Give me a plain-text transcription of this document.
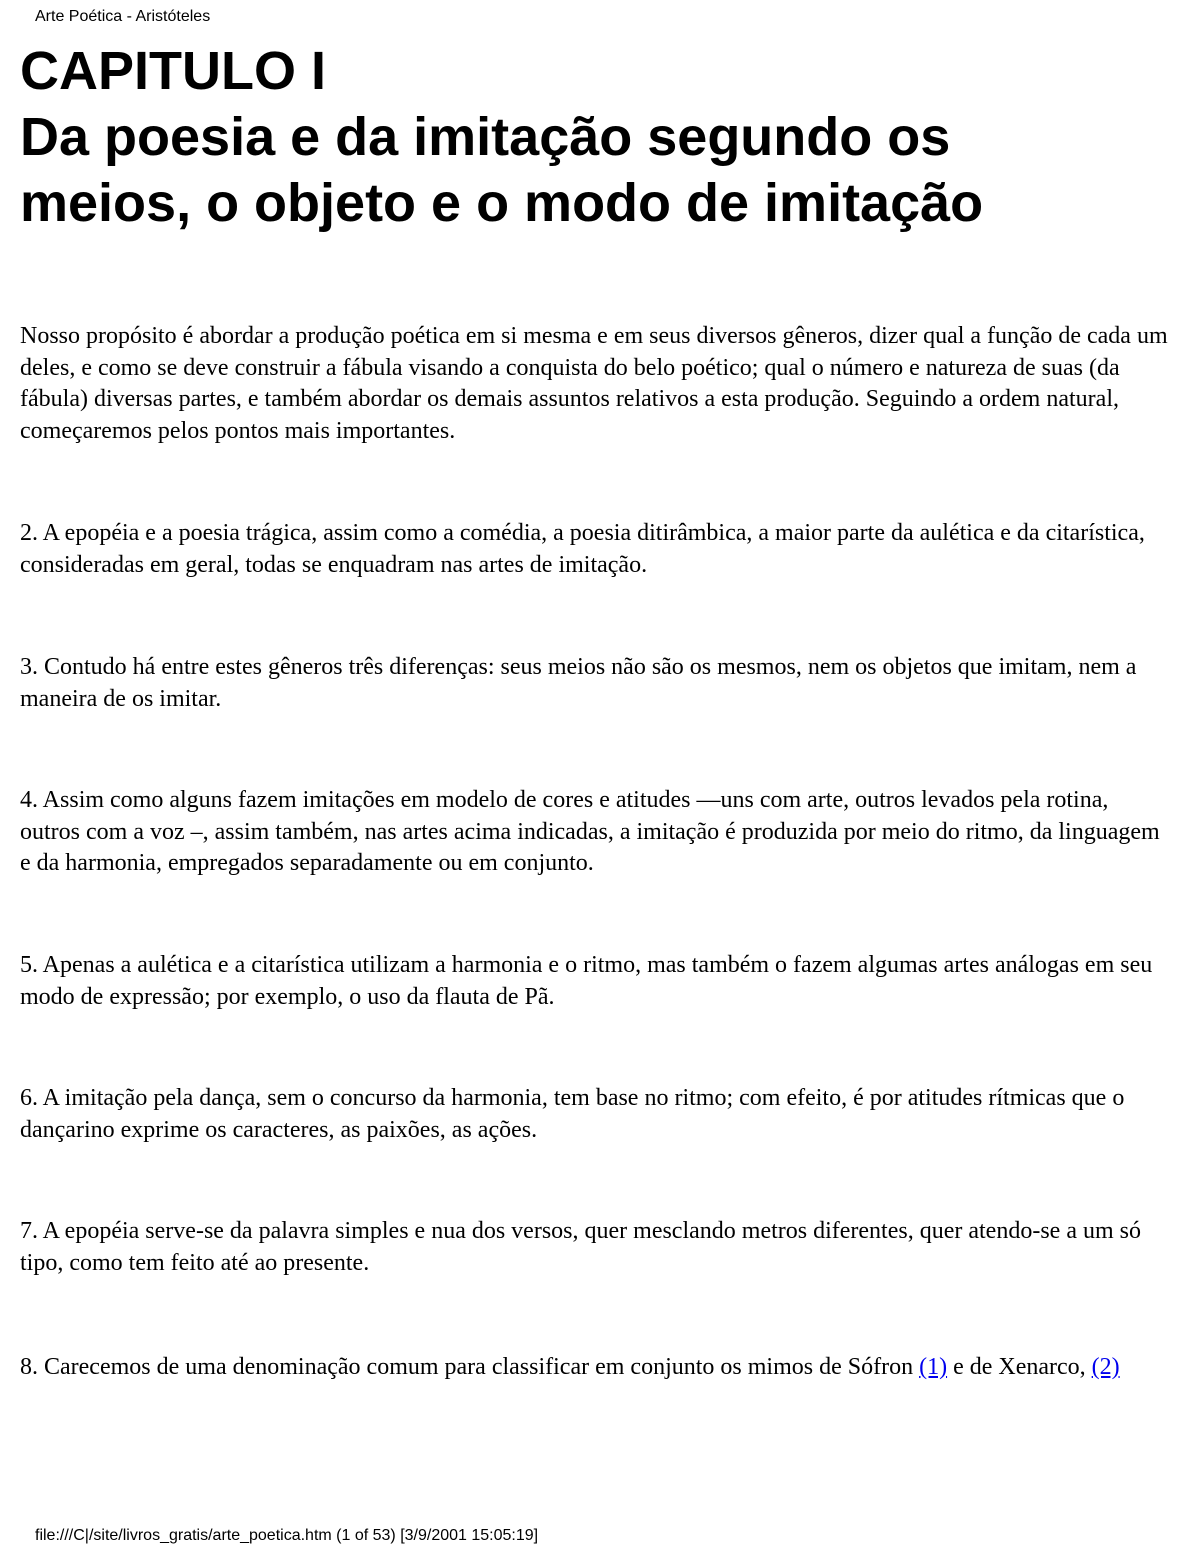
Arte Poética - Aristóteles
CAPITULO I
Da poesia e da imitação segundo os
meios, o objeto e o modo de imitação

Nosso propósito é abordar a produção poética em si mesma e em seus diversos gêneros, dizer qual a função de cada um deles, e como se deve construir a fábula visando a conquista do belo poético; qual o número e natureza de suas (da fábula) diversas partes, e também abordar os demais assuntos relativos a esta produção. Seguindo a ordem natural, começaremos pelos pontos mais importantes.

2. A epopéia e a poesia trágica, assim como a comédia, a poesia ditirâmbica, a maior parte da aulética e da citarística, consideradas em geral, todas se enquadram nas artes de imitação.

3. Contudo há entre estes gêneros três diferenças: seus meios não são os mesmos, nem os objetos que imitam, nem a maneira de os imitar.

4. Assim como alguns fazem imitações em modelo de cores e atitudes —uns com arte, outros levados pela rotina, outros com a voz –, assim também, nas artes acima indicadas, a imitação é produzida por meio do ritmo, da linguagem e da harmonia, empregados separadamente ou em conjunto.

5. Apenas a aulética e a citarística utilizam a harmonia e o ritmo, mas também o fazem algumas artes análogas em seu modo de expressão; por exemplo, o uso da flauta de Pã.

6. A imitação pela dança, sem o concurso da harmonia, tem base no ritmo; com efeito, é por atitudes rítmicas que o dançarino exprime os caracteres, as paixões, as ações.

7. A epopéia serve-se da palavra simples e nua dos versos, quer mesclando metros diferentes, quer atendo-se a um só tipo, como tem feito até ao presente.

8. Carecemos de uma denominação comum para classificar em conjunto os mimos de Sófron (1) e de Xenarco, (2)

file:///C|/site/livros_gratis/arte_poetica.htm (1 of 53) [3/9/2001 15:05:19]
